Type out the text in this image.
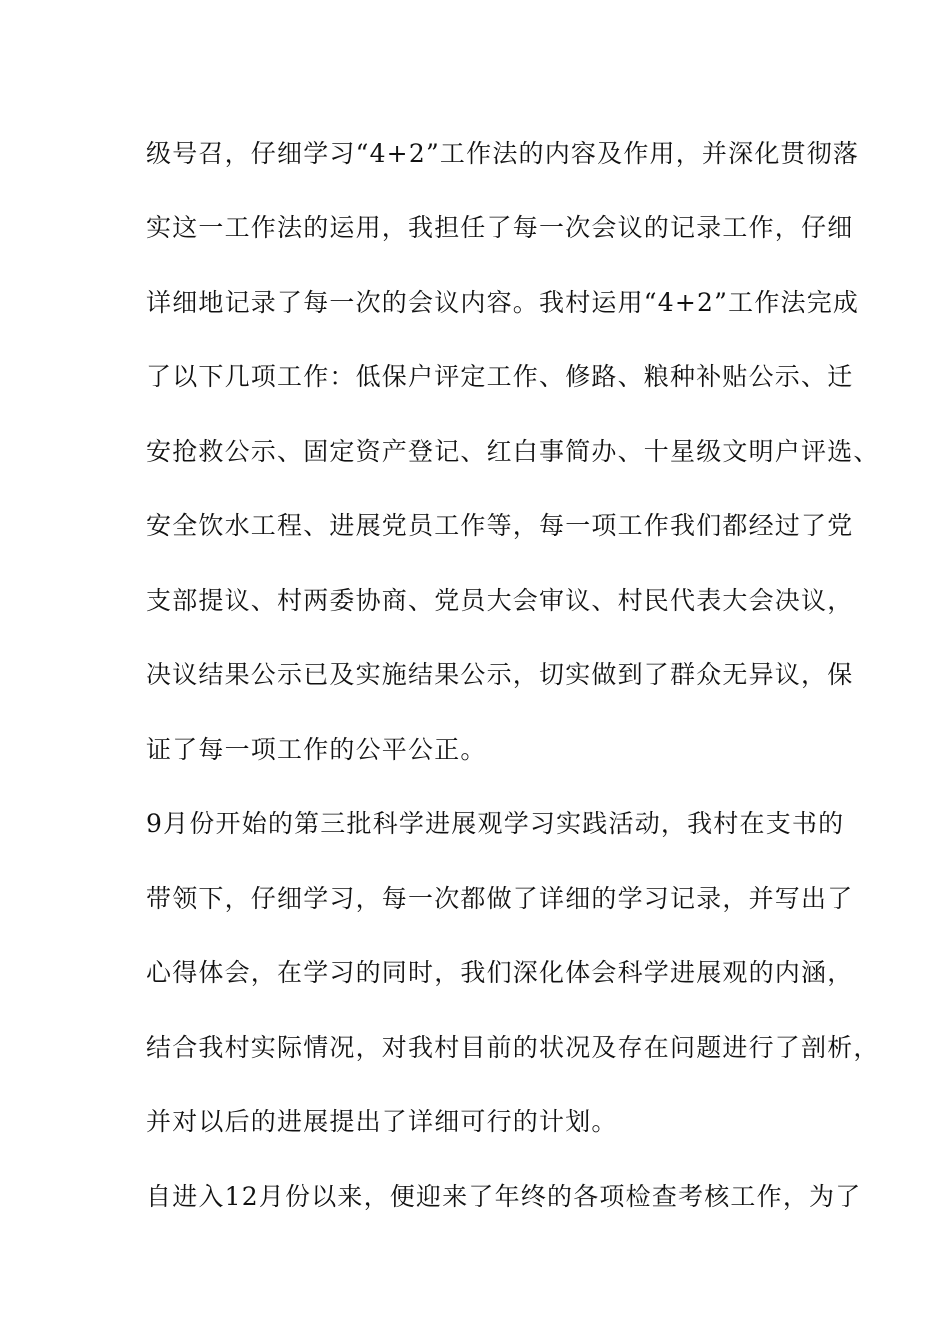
级号召，仔细学习“4+2”工作法的内容及作用，并深化贯彻落
实这一工作法的运用，我担任了每一次会议的记录工作，仔细
详细地记录了每一次的会议内容。我村运用“4+2”工作法完成
了以下几项工作：低保户评定工作、修路、粮种补贴公示、迁
安抢救公示、固定资产登记、红白事简办、十星级文明户评选、
安全饮水工程、进展党员工作等，每一项工作我们都经过了党
支部提议、村两委协商、党员大会审议、村民代表大会决议，
决议结果公示已及实施结果公示，切实做到了群众无异议，保
证了每一项工作的公平公正。
9月份开始的第三批科学进展观学习实践活动，我村在支书的
带领下，仔细学习，每一次都做了详细的学习记录，并写出了
心得体会，在学习的同时，我们深化体会科学进展观的内涵，
结合我村实际情况，对我村目前的状况及存在问题进行了剖析，
并对以后的进展提出了详细可行的计划。
自进入12月份以来，便迎来了年终的各项检查考核工作，为了
